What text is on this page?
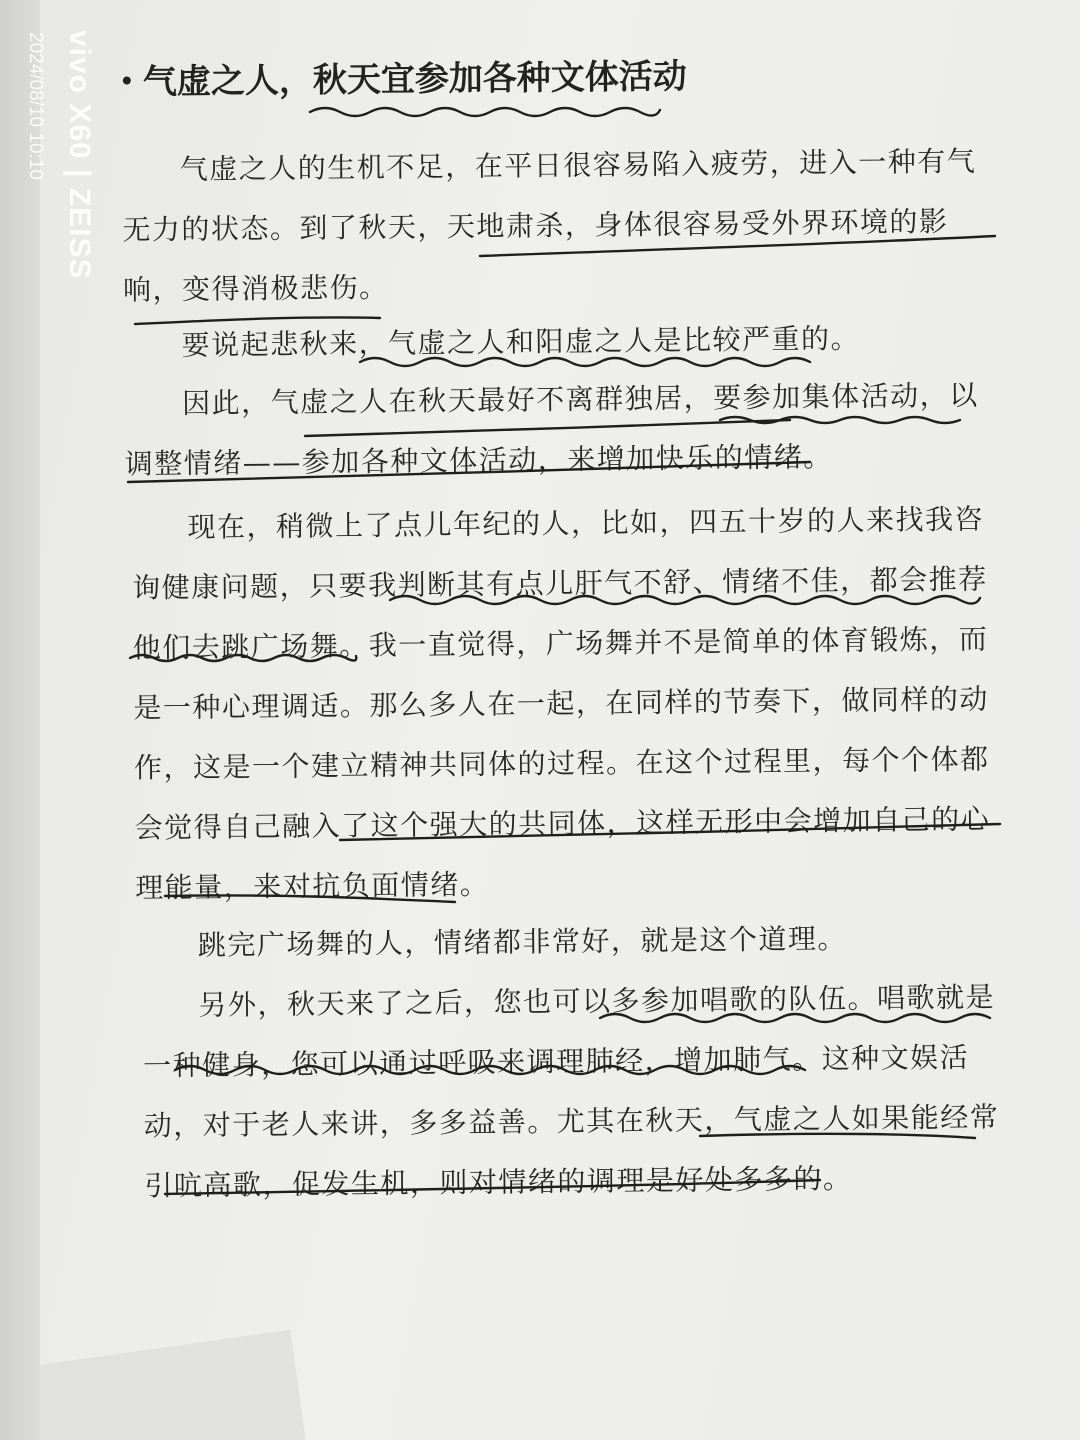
气虚之人，秋天宜参加各种文体活动
气虚之人的生机不足，在平日很容易陷入疲劳，进入一种有气
无力的状态。到了秋天，天地肃杀，身体很容易受外界环境的影
响，变得消极悲伤。
要说起悲秋来，气虚之人和阳虚之人是比较严重的。
因此，气虚之人在秋天最好不离群独居，要参加集体活动，以
调整情绪——参加各种文体活动，来增加快乐的情绪。
现在，稍微上了点儿年纪的人，比如，四五十岁的人来找我咨
询健康问题，只要我判断其有点儿肝气不舒、情绪不佳，都会推荐
他们去跳广场舞。我一直觉得，广场舞并不是简单的体育锻炼，而
是一种心理调适。那么多人在一起，在同样的节奏下，做同样的动
作，这是一个建立精神共同体的过程。在这个过程里，每个个体都
会觉得自己融入了这个强大的共同体，这样无形中会增加自己的心
理能量，来对抗负面情绪。
跳完广场舞的人，情绪都非常好，就是这个道理。
另外，秋天来了之后，您也可以多参加唱歌的队伍。唱歌就是
一种健身，您可以通过呼吸来调理肺经，增加肺气。这种文娱活
动，对于老人来讲，多多益善。尤其在秋天，气虚之人如果能经常
引吭高歌，促发生机，则对情绪的调理是好处多多的。
vivo X60 | ZEISS
2024/08/10 10:10
